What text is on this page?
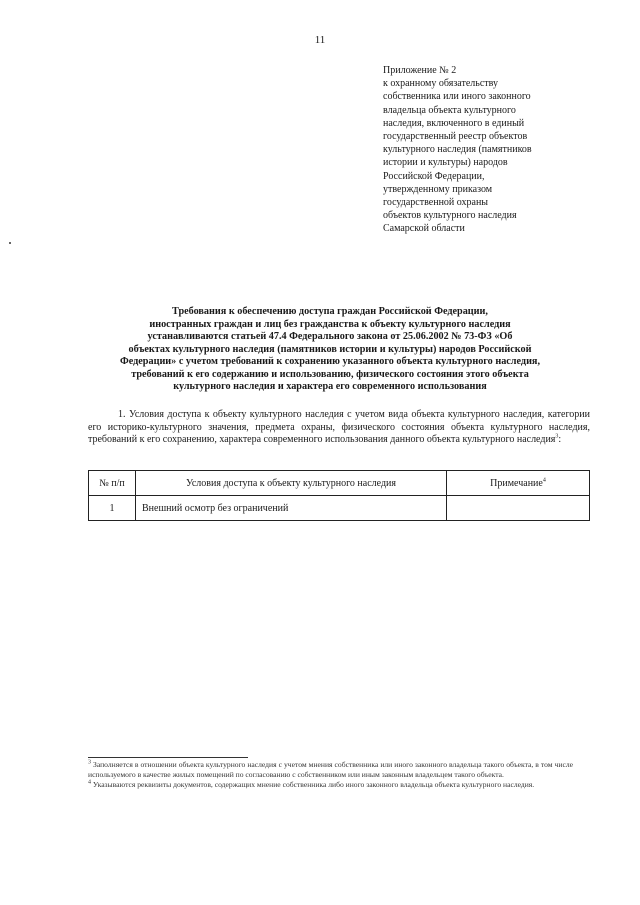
11
Приложение № 2
к охранному обязательству
собственника или иного законного
владельца объекта культурного
наследия, включенного в единый
государственный реестр объектов
культурного наследия (памятников
истории и культуры) народов
Российской Федерации,
утвержденному приказом
государственной охраны
объектов культурного наследия
Самарской области
Требования к обеспечению доступа граждан Российской Федерации,
иностранных граждан и лиц без гражданства к объекту культурного наследия
устанавливаются статьей 47.4 Федерального закона от 25.06.2002 № 73-ФЗ «Об
объектах культурного наследия (памятников истории и культуры) народов Российской
Федерации» с учетом требований к сохранению указанного объекта культурного наследия,
требований к его содержанию и использованию, физического состояния этого объекта
культурного наследия и характера его современного использования
1. Условия доступа к объекту культурного наследия с учетом вида объекта культурного наследия, категории его историко-культурного значения, предмета охраны, физического состояния объекта культурного наследия, требований к его сохранению, характера современного использования данного объекта культурного наследия$^3$:
№ п/п	Условия доступа к объекту культурного наследия	Примечание$^4$
1	Внешний осмотр без ограничений	

$^3$ Заполняется в отношении объекта культурного наследия с учетом мнения собственника или иного законного владельца такого объекта, в том числе используемого в качестве жилых помещений по согласованию с собственником или иным законным владельцем такого объекта.

$^4$ Указываются реквизиты документов, содержащих мнение собственника либо иного законного владельца объекта культурного наследия.
